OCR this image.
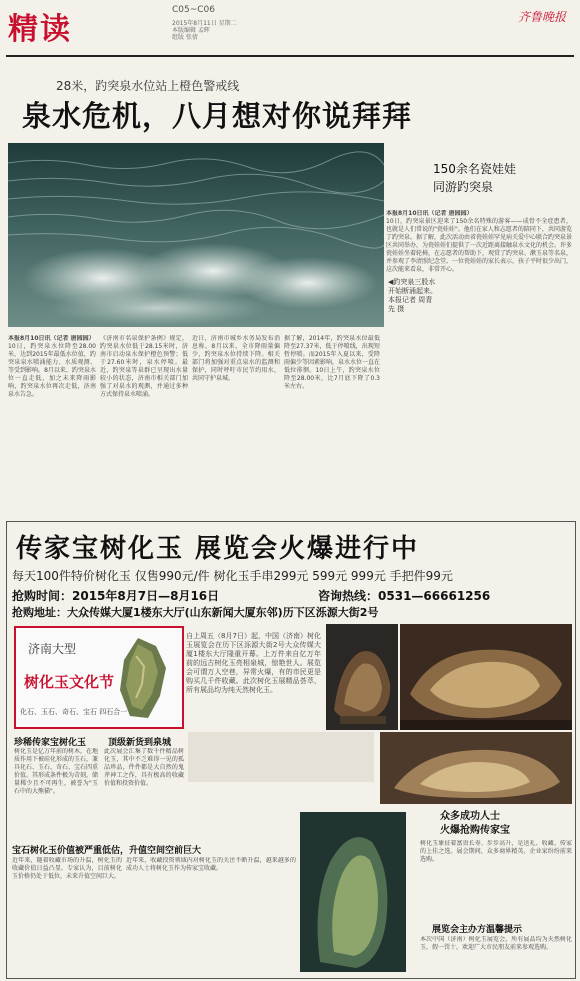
精读
C05~C06
2015年8月11日 星期二
本版编辑 孟晖
组版 张倩
齐鲁晚报
28米，趵突泉水位站上橙色警戒线
泉水危机，八月想对你说拜拜
◀趵突泉三股水开始断涌起来。本报记者 周青先 摄

本报8月10日讯（记者 唐园园）

10日，趵突泉水位降至28.00米，达到2015年最低水位值，趵突泉泉水喷涌能力、水质观测、等受到影响。8月以来，趵突泉水位一直走低，加之未来降雨影响，趵突泉水位再次走低，济南泉水告急。

《济南市名泉保护条例》规定，趵突泉水位低于28.15米时，济南市启动泉水保护橙色预警；低于27.60米时，泉水停喷。最近，趵突泉等泉群已呈现出水量较小的状态，济南市相关部门加强了对泉水的观测，并通过多种方式保持泉水喷涌。

近日，济南市城乡水务局发布消息称，8月以来，全市降雨量偏少，趵突泉水位持续下降。相关部门将加强对重点泉水的监测和保护，同时呼吁市民节约用水，共同守护泉城。

据了解，2014年，趵突泉水位最低降至27.37米，低于停喷线，出现短暂停喷。而2015年入夏以来，受降雨偏少等因素影响，泉水水位一直在低位徘徊。10日上午，趵突泉水位降至28.00米，比7月底下降了0.3米左右。

150余名瓷娃娃
同游趵突泉

本报8月10日讯（记者 唐园园）

10日，趵突泉景区迎来了150余名特殊的游客——成骨不全症患者，也就是人们常说的"瓷娃娃"。他们在家人和志愿者的陪同下，共同游览了趵突泉。据了解，此次活动由省瓷娃娃罕见病关爱中心联合趵突泉景区共同举办，为瓷娃娃们提供了一次近距离接触泉水文化的机会。许多瓷娃娃坐着轮椅，在志愿者的帮助下，观赏了趵突泉、漱玉泉等名泉，并参观了李清照纪念堂。一位瓷娃娃的家长表示，孩子平时很少出门，这次能来看泉，非常开心。

传家宝树化玉 展览会火爆进行中
每天100件特价树化玉 仅售990元/件 树化玉手串299元 599元 999元 手把件99元
抢购时间：2015年8月7日—8月16日	咨询热线：0531—66661256
抢购地址：大众传媒大厦1楼东大厅(山东新闻大厦东邻)历下区泺源大街2号
济南大型
树化玉文化节
化石、玉石、奇石、宝石 四石合一
自上周五（8月7日）起，中国（济南）树化玉展览会在历下区泺源大街2号大众传媒大厦1楼东大厅隆重开幕。上万件来自亿万年前的远古树化玉亮相泉城，惊艳世人。展览会可谓万人空巷，异常火爆，有的市民更是购买几千件收藏。此次树化玉展精品荟萃，所有展品均为纯天然树化玉。
珍稀传家宝树化玉 顶级新货到泉城
宝石树化玉价值被严重低估，升值空间空前巨大
众多成功人士
火爆抢购传家宝
展览会主办方温馨提示
树化玉是亿万年前的树木，在地质作用下被硅化形成的玉石，兼具化石、玉石、奇石、宝石四重价值。其形成条件极为苛刻，储量稀少且不可再生，被誉为"玉石中的大熊猫"。
此次展会汇集了数千件精品树化玉，其中不乏难得一见的孤品珍品，件件都是大自然的鬼斧神工之作，具有极高的收藏价值和投资价值。
近年来，随着收藏市场的升温，树化玉的收藏价值日益凸显。专家认为，目前树化玉价格仍处于低位，未来升值空间巨大。
近年来，收藏投资领域内对树化玉的关注不断升温，越来越多的成功人士将树化玉作为传家宝收藏。
树化玉象征着富贵长寿、步步高升，是送礼、收藏、传家的上佳之选。展会期间，众多商界精英、企业家纷纷前来选购。
本次中国（济南）树化玉展览会，所有展品均为天然树化玉，假一罚十，欢迎广大市民朋友前来参观选购。
